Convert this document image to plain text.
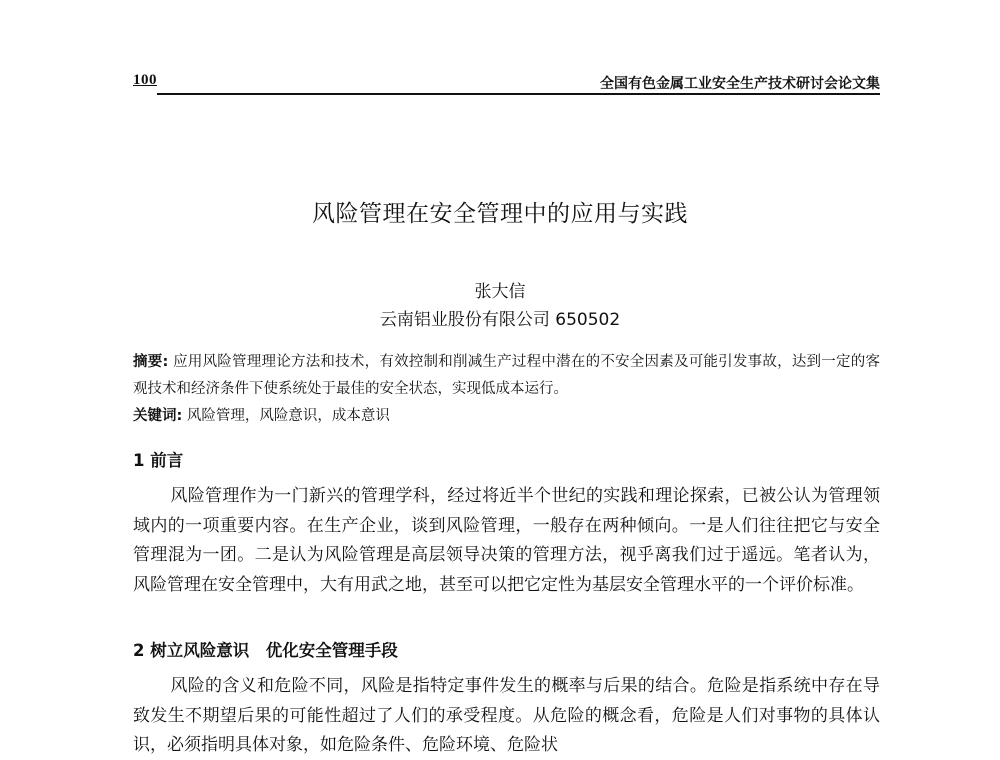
100	全国有色金属工业安全生产技术研讨会论文集
风险管理在安全管理中的应用与实践
张大信
云南铝业股份有限公司 650502
摘要: 应用风险管理理论方法和技术，有效控制和削减生产过程中潜在的不安全因素及可能引发事故，达到一定的客观技术和经济条件下使系统处于最佳的安全状态，实现低成本运行。
关键词: 风险管理，风险意识，成本意识
1 前言
风险管理作为一门新兴的管理学科，经过将近半个世纪的实践和理论探索，已被公认为管理领域内的一项重要内容。在生产企业，谈到风险管理，一般存在两种倾向。一是人们往往把它与安全管理混为一团。二是认为风险管理是高层领导决策的管理方法，视乎离我们过于遥远。笔者认为，风险管理在安全管理中，大有用武之地，甚至可以把它定性为基层安全管理水平的一个评价标准。
2 树立风险意识　优化安全管理手段
风险的含义和危险不同，风险是指特定事件发生的概率与后果的结合。危险是指系统中存在导致发生不期望后果的可能性超过了人们的承受程度。从危险的概念看，危险是人们对事物的具体认识，必须指明具体对象，如危险条件、危险环境、危险状
